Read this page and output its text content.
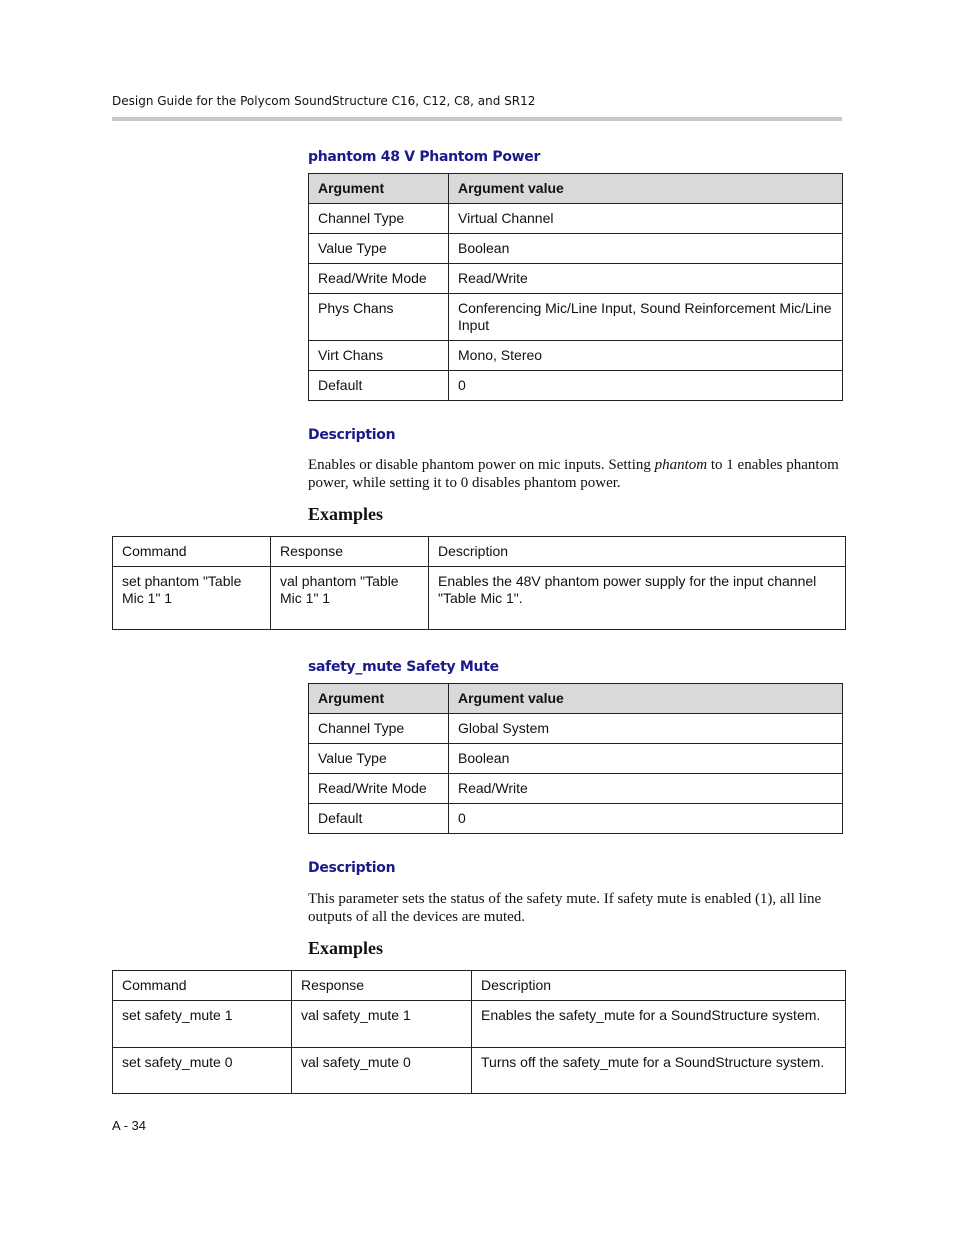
Design Guide for the Polycom SoundStructure C16, C12, C8, and SR12
phantom 48 V Phantom Power
Argument	Argument value
Channel Type	Virtual Channel
Value Type	Boolean
Read/Write Mode	Read/Write
Phys Chans	Conferencing Mic/Line Input, Sound Reinforcement Mic/Line Input
Virt Chans	Mono, Stereo
Default	0
Description
Enables or disable phantom power on mic inputs. Setting phantom to 1 enables phantom power, while setting it to 0 disables phantom power.
Examples
Command	Response	Description
set phantom "Table Mic 1" 1	val phantom "Table Mic 1" 1	Enables the 48V phantom power supply for the input channel "Table Mic 1".
safety_mute Safety Mute
Argument	Argument value
Channel Type	Global System
Value Type	Boolean
Read/Write Mode	Read/Write
Default	0
Description
This parameter sets the status of the safety mute. If safety mute is enabled (1), all line outputs of all the devices are muted.
Examples
Command	Response	Description
set safety_mute 1	val safety_mute 1	Enables the safety_mute for a SoundStructure system.
set safety_mute 0	val safety_mute 0	Turns off the safety_mute for a SoundStructure system.
A - 34
